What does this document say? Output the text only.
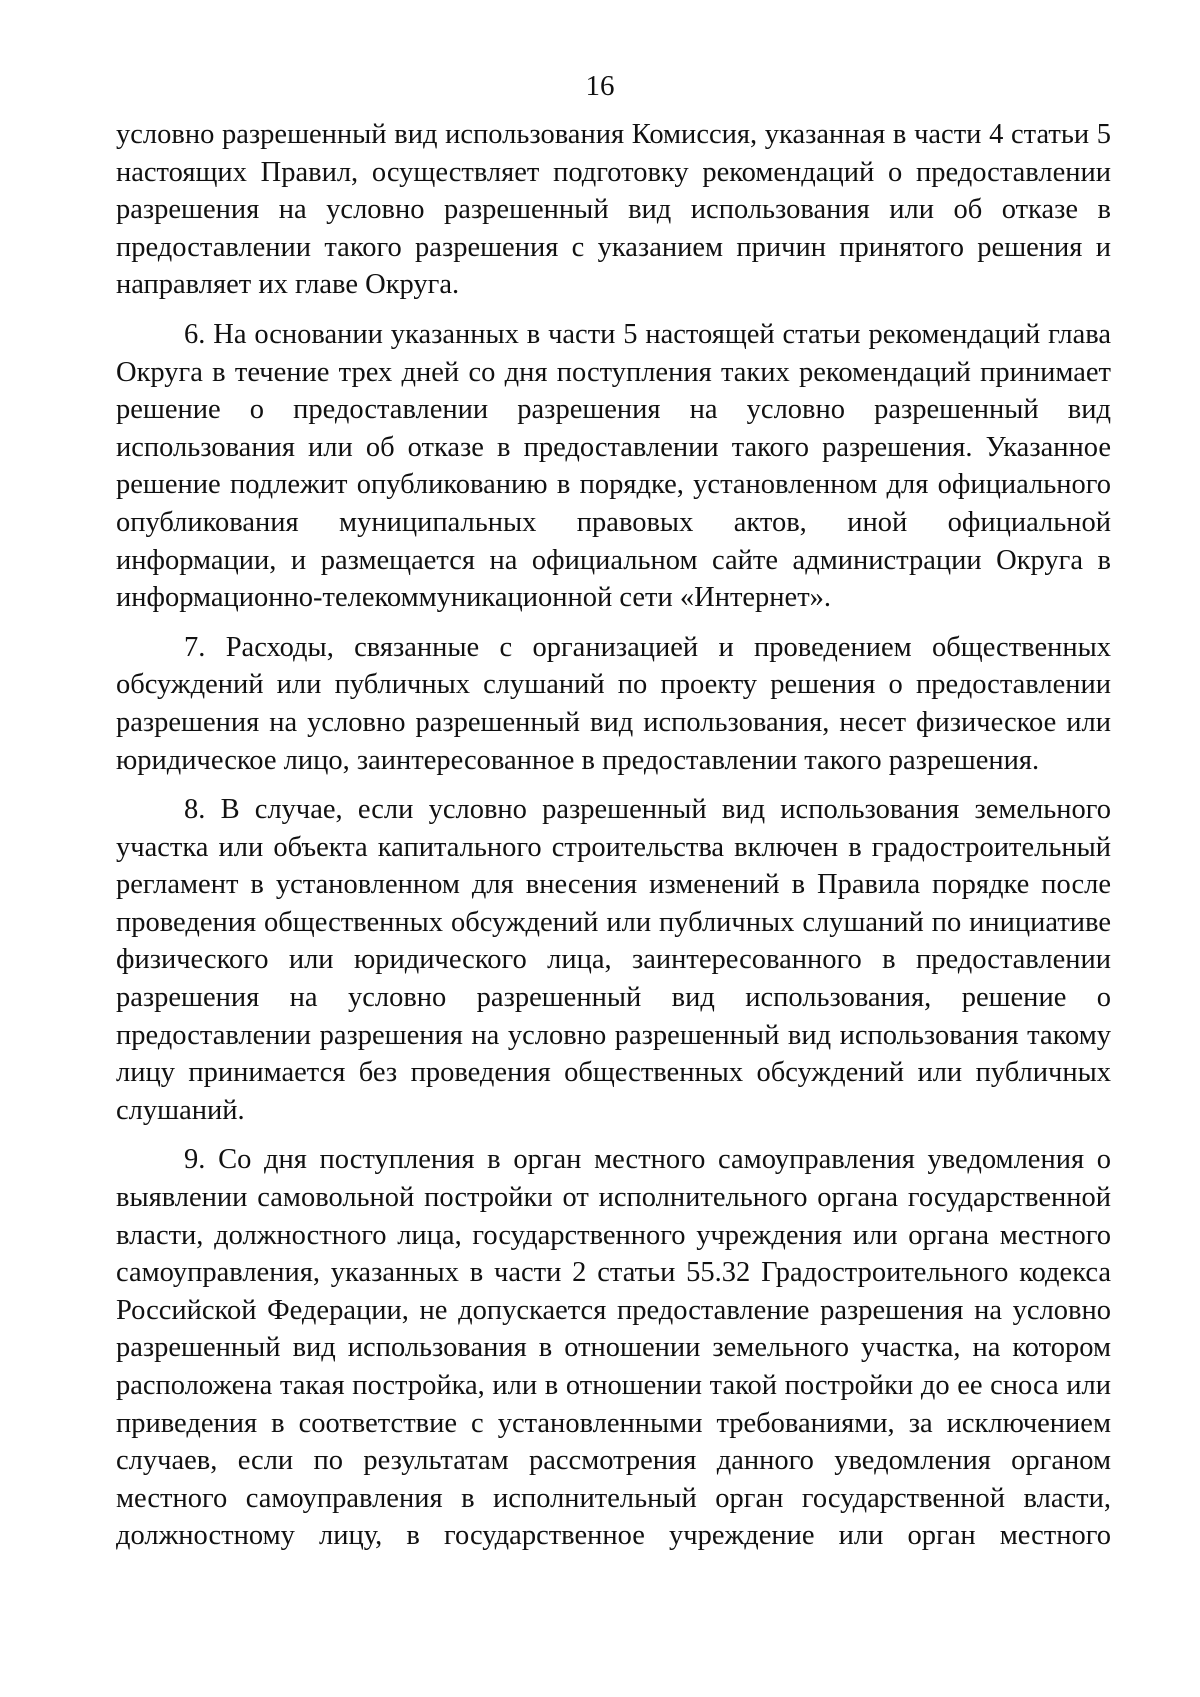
16

условно разрешенный вид использования Комиссия, указанная в части 4 статьи 5 настоящих Правил, осуществляет подготовку рекомендаций о предоставлении разрешения на условно разрешенный вид использования или об отказе в предоставлении такого разрешения с указанием причин принятого решения и направляет их главе Округа.

6. На основании указанных в части 5 настоящей статьи рекомендаций глава Округа в течение трех дней со дня поступления таких рекомендаций принимает решение о предоставлении разрешения на условно разрешенный вид использования или об отказе в предоставлении такого разрешения. Указанное решение подлежит опубликованию в порядке, установленном для официального опубликования муниципальных правовых актов, иной официальной информации, и размещается на официальном сайте администрации Округа в информационно-телекоммуникационной сети «Интернет».

7. Расходы, связанные с организацией и проведением общественных обсуждений или публичных слушаний по проекту решения о предоставлении разрешения на условно разрешенный вид использования, несет физическое или юридическое лицо, заинтересованное в предоставлении такого разрешения.

8. В случае, если условно разрешенный вид использования земельного участка или объекта капитального строительства включен в градостроительный регламент в установленном для внесения изменений в Правила порядке после проведения общественных обсуждений или публичных слушаний по инициативе физического или юридического лица, заинтересованного в предоставлении разрешения на условно разрешенный вид использования, решение о предоставлении разрешения на условно разрешенный вид использования такому лицу принимается без проведения общественных обсуждений или публичных слушаний.

9. Со дня поступления в орган местного самоуправления уведомления о выявлении самовольной постройки от исполнительного органа государственной власти, должностного лица, государственного учреждения или органа местного самоуправления, указанных в части 2 статьи 55.32 Градостроительного кодекса Российской Федерации, не допускается предоставление разрешения на условно разрешенный вид использования в отношении земельного участка, на котором расположена такая постройка, или в отношении такой постройки до ее сноса или приведения в соответствие с установленными требованиями, за исключением случаев, если по результатам рассмотрения данного уведомления органом местного самоуправления в исполнительный орган государственной власти, должностному лицу, в государственное учреждение или орган местного
